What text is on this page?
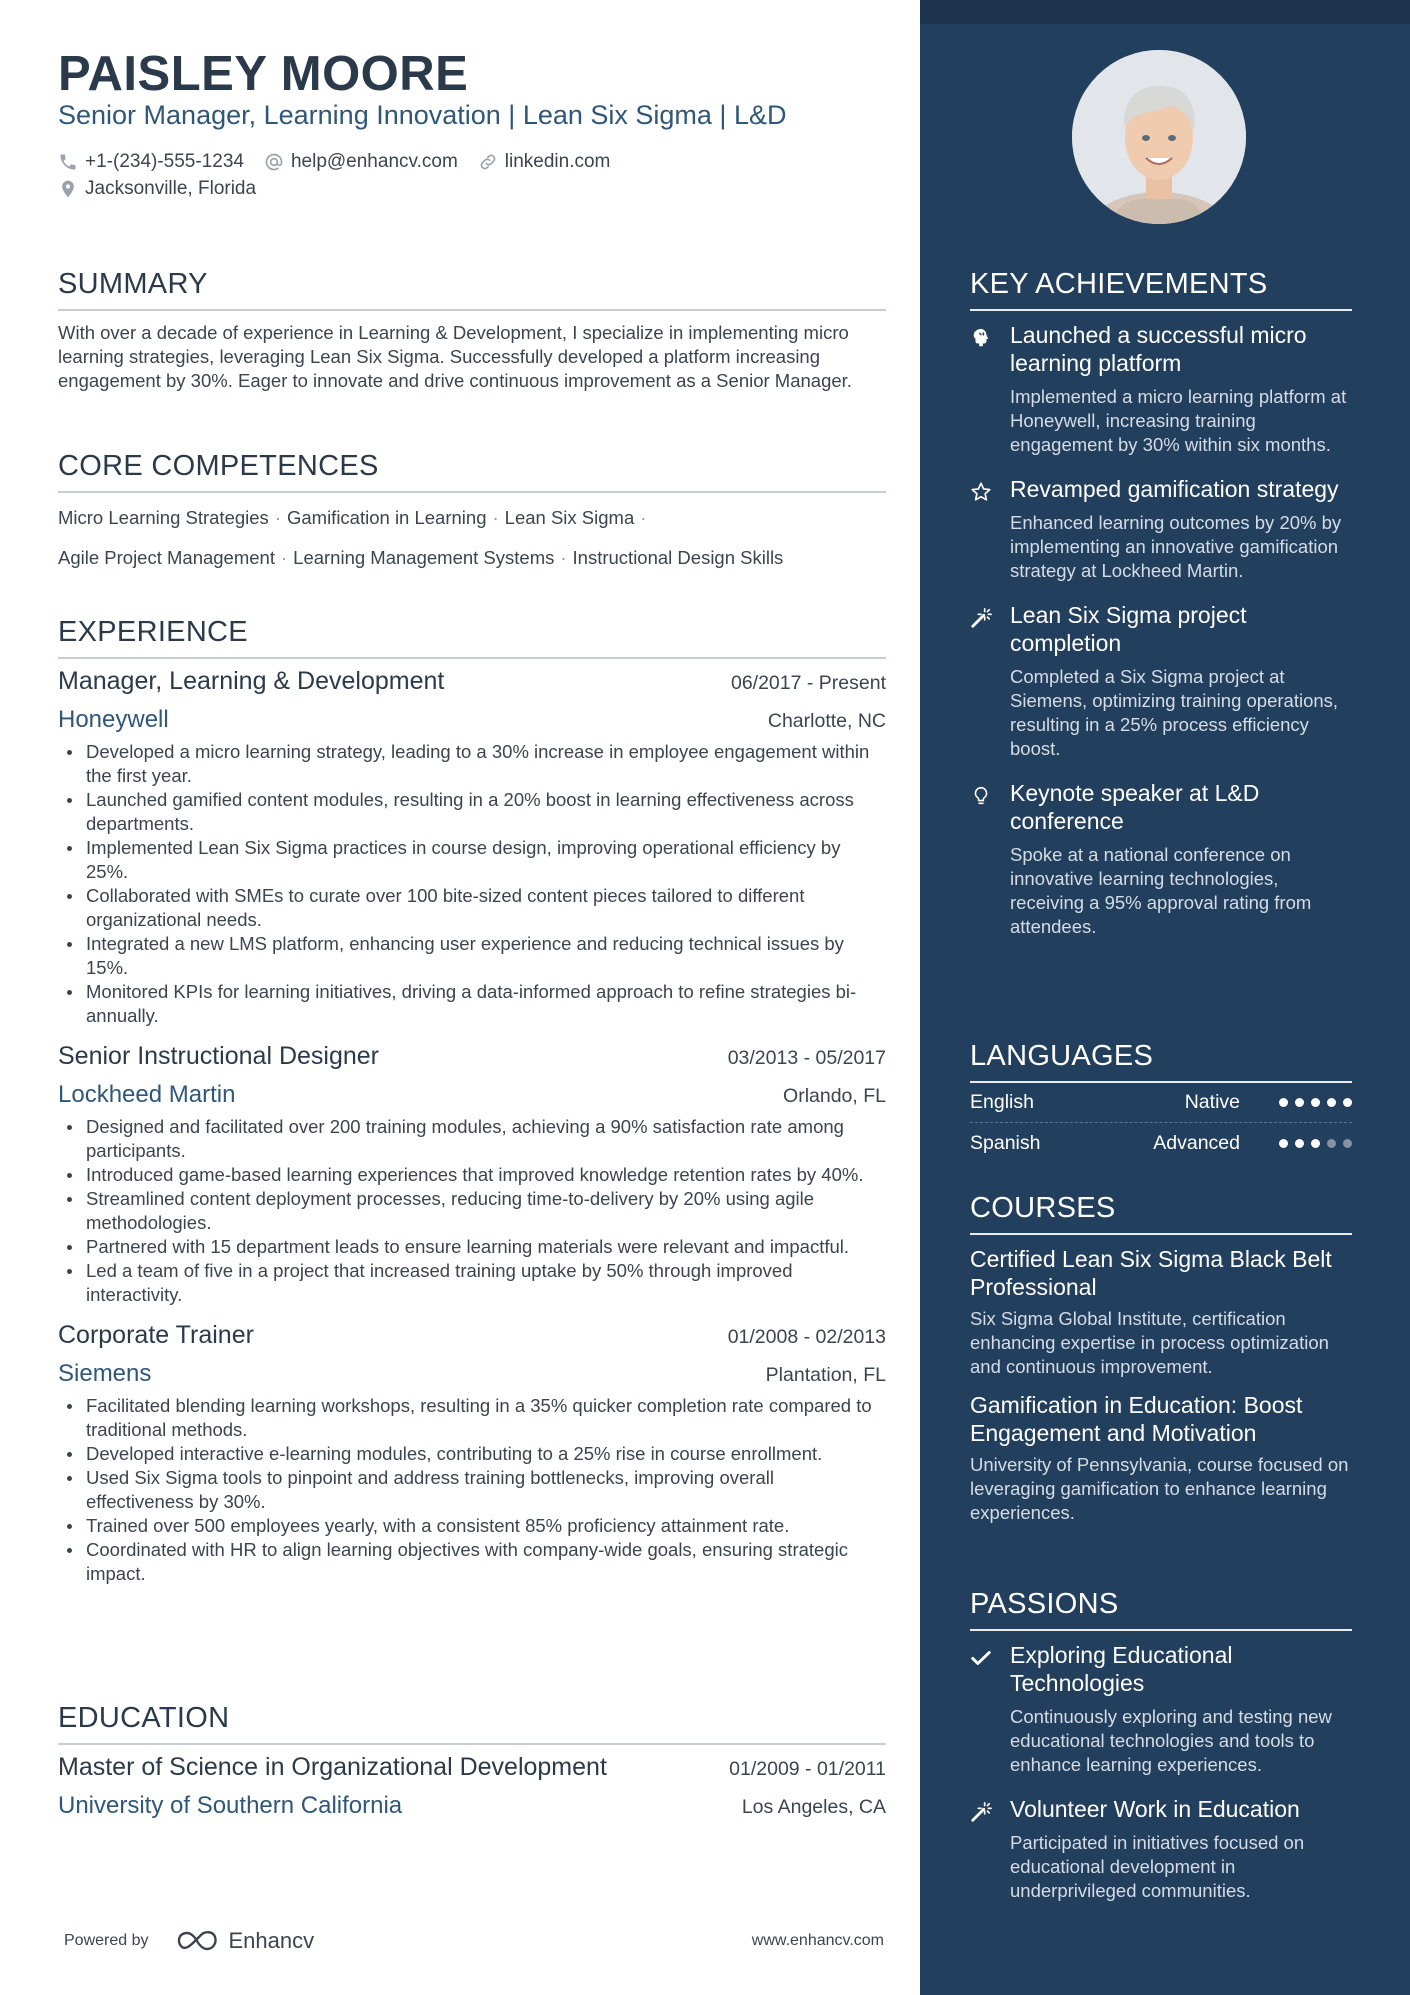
PAISLEY MOORE
Senior Manager, Learning Innovation | Lean Six Sigma | L&D
+1-(234)-555-1234 help@enhancv.com linkedin.com
Jacksonville, Florida
SUMMARY
With over a decade of experience in Learning & Development, I specialize in implementing micro learning strategies, leveraging Lean Six Sigma. Successfully developed a platform increasing engagement by 30%. Eager to innovate and drive continuous improvement as a Senior Manager.
CORE COMPETENCES
Micro Learning Strategies · Gamification in Learning · Lean Six Sigma ·
Agile Project Management · Learning Management Systems · Instructional Design Skills
EXPERIENCE
Manager, Learning & Development	06/2017 - Present
Honeywell	Charlotte, NC
Developed a micro learning strategy, leading to a 30% increase in employee engagement within the first year.
Launched gamified content modules, resulting in a 20% boost in learning effectiveness across departments.
Implemented Lean Six Sigma practices in course design, improving operational efficiency by 25%.
Collaborated with SMEs to curate over 100 bite-sized content pieces tailored to different organizational needs.
Integrated a new LMS platform, enhancing user experience and reducing technical issues by 15%.
Monitored KPIs for learning initiatives, driving a data-informed approach to refine strategies bi-annually.
Senior Instructional Designer	03/2013 - 05/2017
Lockheed Martin	Orlando, FL
Designed and facilitated over 200 training modules, achieving a 90% satisfaction rate among participants.
Introduced game-based learning experiences that improved knowledge retention rates by 40%.
Streamlined content deployment processes, reducing time-to-delivery by 20% using agile methodologies.
Partnered with 15 department leads to ensure learning materials were relevant and impactful.
Led a team of five in a project that increased training uptake by 50% through improved interactivity.
Corporate Trainer	01/2008 - 02/2013
Siemens	Plantation, FL
Facilitated blending learning workshops, resulting in a 35% quicker completion rate compared to traditional methods.
Developed interactive e-learning modules, contributing to a 25% rise in course enrollment.
Used Six Sigma tools to pinpoint and address training bottlenecks, improving overall effectiveness by 30%.
Trained over 500 employees yearly, with a consistent 85% proficiency attainment rate.
Coordinated with HR to align learning objectives with company-wide goals, ensuring strategic impact.
EDUCATION
Master of Science in Organizational Development	01/2009 - 01/2011
University of Southern California	Los Angeles, CA
Powered by	Enhancv	www.enhancv.com
KEY ACHIEVEMENTS
Launched a successful micro learning platform
Implemented a micro learning platform at Honeywell, increasing training engagement by 30% within six months.
Revamped gamification strategy
Enhanced learning outcomes by 20% by implementing an innovative gamification strategy at Lockheed Martin.
Lean Six Sigma project completion
Completed a Six Sigma project at Siemens, optimizing training operations, resulting in a 25% process efficiency boost.
Keynote speaker at L&D conference
Spoke at a national conference on innovative learning technologies, receiving a 95% approval rating from attendees.
LANGUAGES
English	Native
Spanish	Advanced
COURSES
Certified Lean Six Sigma Black Belt Professional
Six Sigma Global Institute, certification enhancing expertise in process optimization and continuous improvement.
Gamification in Education: Boost Engagement and Motivation
University of Pennsylvania, course focused on leveraging gamification to enhance learning experiences.
PASSIONS
Exploring Educational Technologies
Continuously exploring and testing new educational technologies and tools to enhance learning experiences.
Volunteer Work in Education
Participated in initiatives focused on educational development in underprivileged communities.
